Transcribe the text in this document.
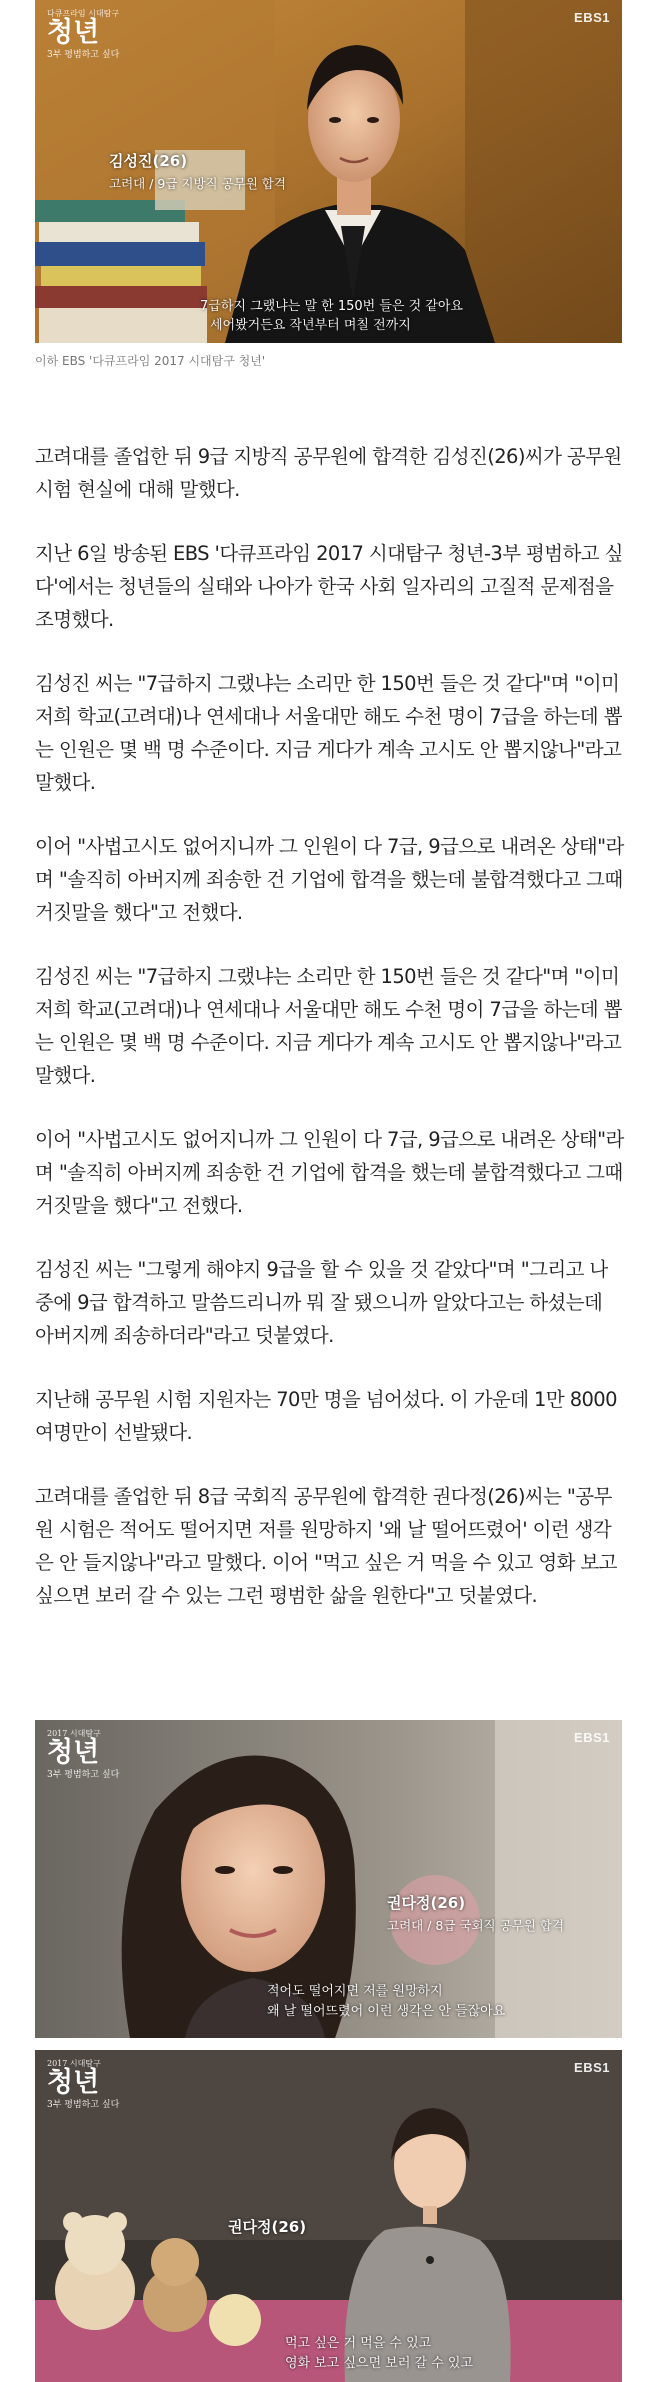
EBS1
다큐프라임 시대탐구
청년
3부 평범하고 싶다
김성진(26)
고려대 / 9급 지방직 공무원 합격
7급하지 그랬냐는 말 한 150번 들은 것 같아요
세어봤거든요 작년부터 며칠 전까지
이하 EBS '다큐프라임 2017 시대탐구 청년'

고려대를 졸업한 뒤 9급 지방직 공무원에 합격한 김성진(26)씨가 공무원 시험 현실에 대해 말했다.

지난 6일 방송된 EBS '다큐프라임 2017 시대탐구 청년-3부 평범하고 싶다'에서는 청년들의 실태와 나아가 한국 사회 일자리의 고질적 문제점을 조명했다.

김성진 씨는 "7급하지 그랬냐는 소리만 한 150번 들은 것 같다"며 "이미 저희 학교(고려대)나 연세대나 서울대만 해도 수천 명이 7급을 하는데 뽑는 인원은 몇 백 명 수준이다. 지금 게다가 계속 고시도 안 뽑지않나"라고 말했다.

이어 "사법고시도 없어지니까 그 인원이 다 7급, 9급으로 내려온 상태"라며 "솔직히 아버지께 죄송한 건 기업에 합격을 했는데 불합격했다고 그때 거짓말을 했다"고 전했다.

김성진 씨는 "7급하지 그랬냐는 소리만 한 150번 들은 것 같다"며 "이미 저희 학교(고려대)나 연세대나 서울대만 해도 수천 명이 7급을 하는데 뽑는 인원은 몇 백 명 수준이다. 지금 게다가 계속 고시도 안 뽑지않나"라고 말했다.

이어 "사법고시도 없어지니까 그 인원이 다 7급, 9급으로 내려온 상태"라며 "솔직히 아버지께 죄송한 건 기업에 합격을 했는데 불합격했다고 그때 거짓말을 했다"고 전했다.

김성진 씨는 "그렇게 해야지 9급을 할 수 있을 것 같았다"며 "그리고 나중에 9급 합격하고 말씀드리니까 뭐 잘 됐으니까 알았다고는 하셨는데 아버지께 죄송하더라"라고 덧붙였다.

지난해 공무원 시험 지원자는 70만 명을 넘어섰다. 이 가운데 1만 8000여명만이 선발됐다.

고려대를 졸업한 뒤 8급 국회직 공무원에 합격한 권다정(26)씨는 "공무원 시험은 적어도 떨어지면 저를 원망하지 '왜 날 떨어뜨렸어' 이런 생각은 안 들지않나"라고 말했다. 이어 "먹고 싶은 거 먹을 수 있고 영화 보고 싶으면 보러 갈 수 있는 그런 평범한 삶을 원한다"고 덧붙였다.

EBS1
2017 시대탐구
청년
3부 평범하고 싶다
권다정(26)
고려대 / 8급 국회직 공무원 합격
적어도 떨어지면 저를 원망하지
왜 날 떨어뜨렸어 이런 생각은 안 들잖아요
EBS1
2017 시대탐구
청년
3부 평범하고 싶다
권다정(26)
먹고 싶은 거 먹을 수 있고
영화 보고 싶으면 보러 갈 수 있고
